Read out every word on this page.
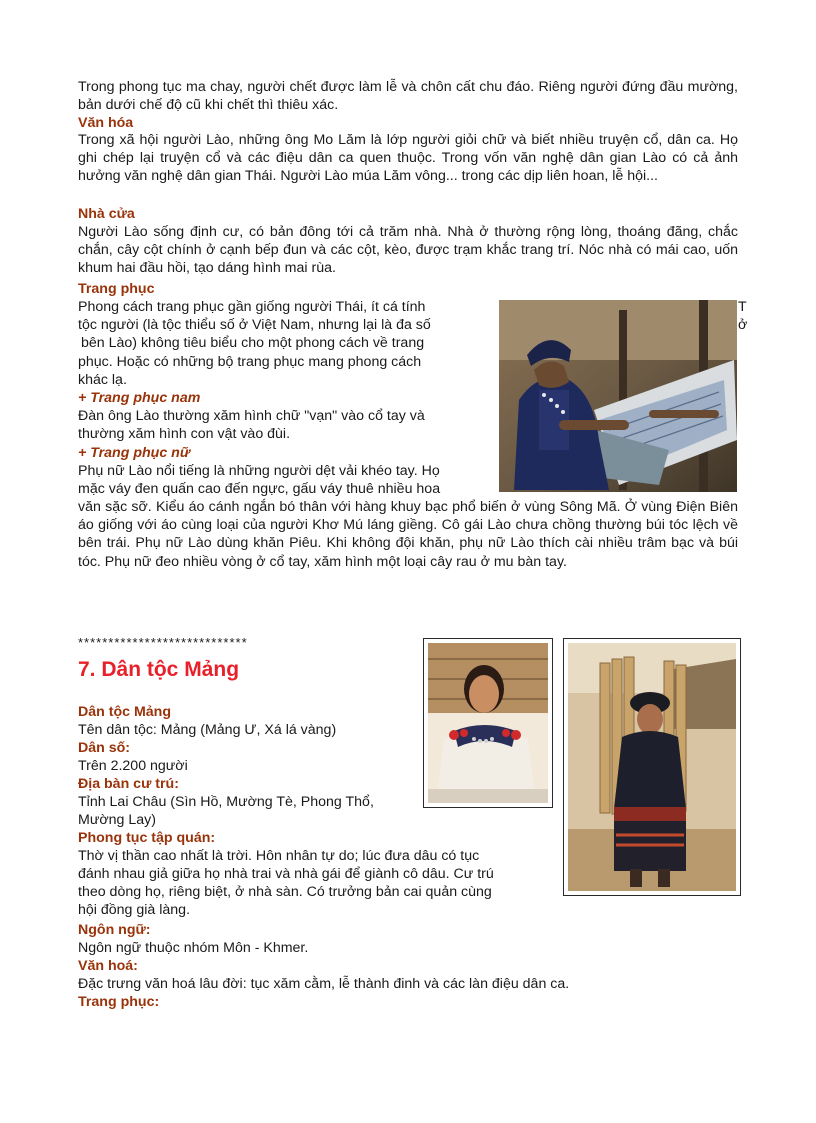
Trong phong tục ma chay, người chết được làm lễ và chôn cất chu đáo. Riêng người đứng đầu mường, bản dưới chế độ cũ khi chết thì thiêu xác.

Văn hóa

Trong xã hội người Lào, những ông Mo Lăm là lớp người giỏi chữ và biết nhiều truyện cổ, dân ca. Họ ghi chép lại truyện cổ và các điệu dân ca quen thuộc. Trong vốn văn nghệ dân gian Lào có cả ảnh hưởng văn nghệ dân gian Thái. Người Lào múa Lăm vông... trong các dịp liên hoan, lễ hội...

Nhà cửa

Người Lào sống định cư, có bản đông tới cả trăm nhà. Nhà ở thường rộng lòng, thoáng đãng, chắc chắn, cây cột chính ở cạnh bếp đun và các cột, kèo, được trạm khắc trang trí. Nóc nhà có mái cao, uốn khum hai đầu hồi, tạo dáng hình mai rùa.

Trang phục

Phong cách trang phục gần giống người Thái, ít cá tính

tộc người (là tộc thiểu số ở Việt Nam, nhưng lại là đa số

bên Lào) không tiêu biểu cho một phong cách về trang

phục. Hoặc có những bộ trang phục mang phong cách

khác lạ.

+ Trang phục nam

Đàn ông Lào thường xăm hình chữ "vạn" vào cổ tay và

thường xăm hình con vật vào đùi.

+ Trang phục nữ

Phụ nữ Lào nổi tiếng là những người dệt vải khéo tay. Họ

mặc váy đen quấn cao đến ngực, gấu váy thuê nhiều hoa

T
ở

văn sặc sỡ. Kiểu áo cánh ngắn bó thân với hàng khuy bạc phổ biến ở vùng Sông Mã. Ở vùng Điện Biên áo giống với áo cùng loại của người Khơ Mú láng giềng. Cô gái Lào chưa chồng thường búi tóc lệch về bên trái. Phụ nữ Lào dùng khăn Piêu. Khi không đội khăn, phụ nữ Lào thích cài nhiều trâm bạc và búi tóc. Phụ nữ đeo nhiều vòng ở cổ tay, xăm hình một loại cây rau ở mu bàn tay.

****************************
7. Dân tộc Mảng
Dân tộc Mảng

Tên dân tộc: Mảng (Mảng Ư, Xá lá vàng)

Dân số:

Trên 2.200 người

Địa bàn cư trú:

Tỉnh Lai Châu (Sìn Hồ, Mường Tè, Phong Thổ,

Mường Lay)

Phong tục tập quán:

Thờ vị thần cao nhất là trời. Hôn nhân tự do; lúc đưa dâu có tục

đánh nhau giả giữa họ nhà trai và nhà gái để giành cô dâu. Cư trú

theo dòng họ, riêng biệt, ở nhà sàn. Có trưởng bản cai quản cùng

hội đồng già làng.

Ngôn ngữ:

Ngôn ngữ thuộc nhóm Môn - Khmer.

Văn hoá:

Đặc trưng văn hoá lâu đời: tục xăm cằm, lễ thành đinh và các làn điệu dân ca.

Trang phục:
